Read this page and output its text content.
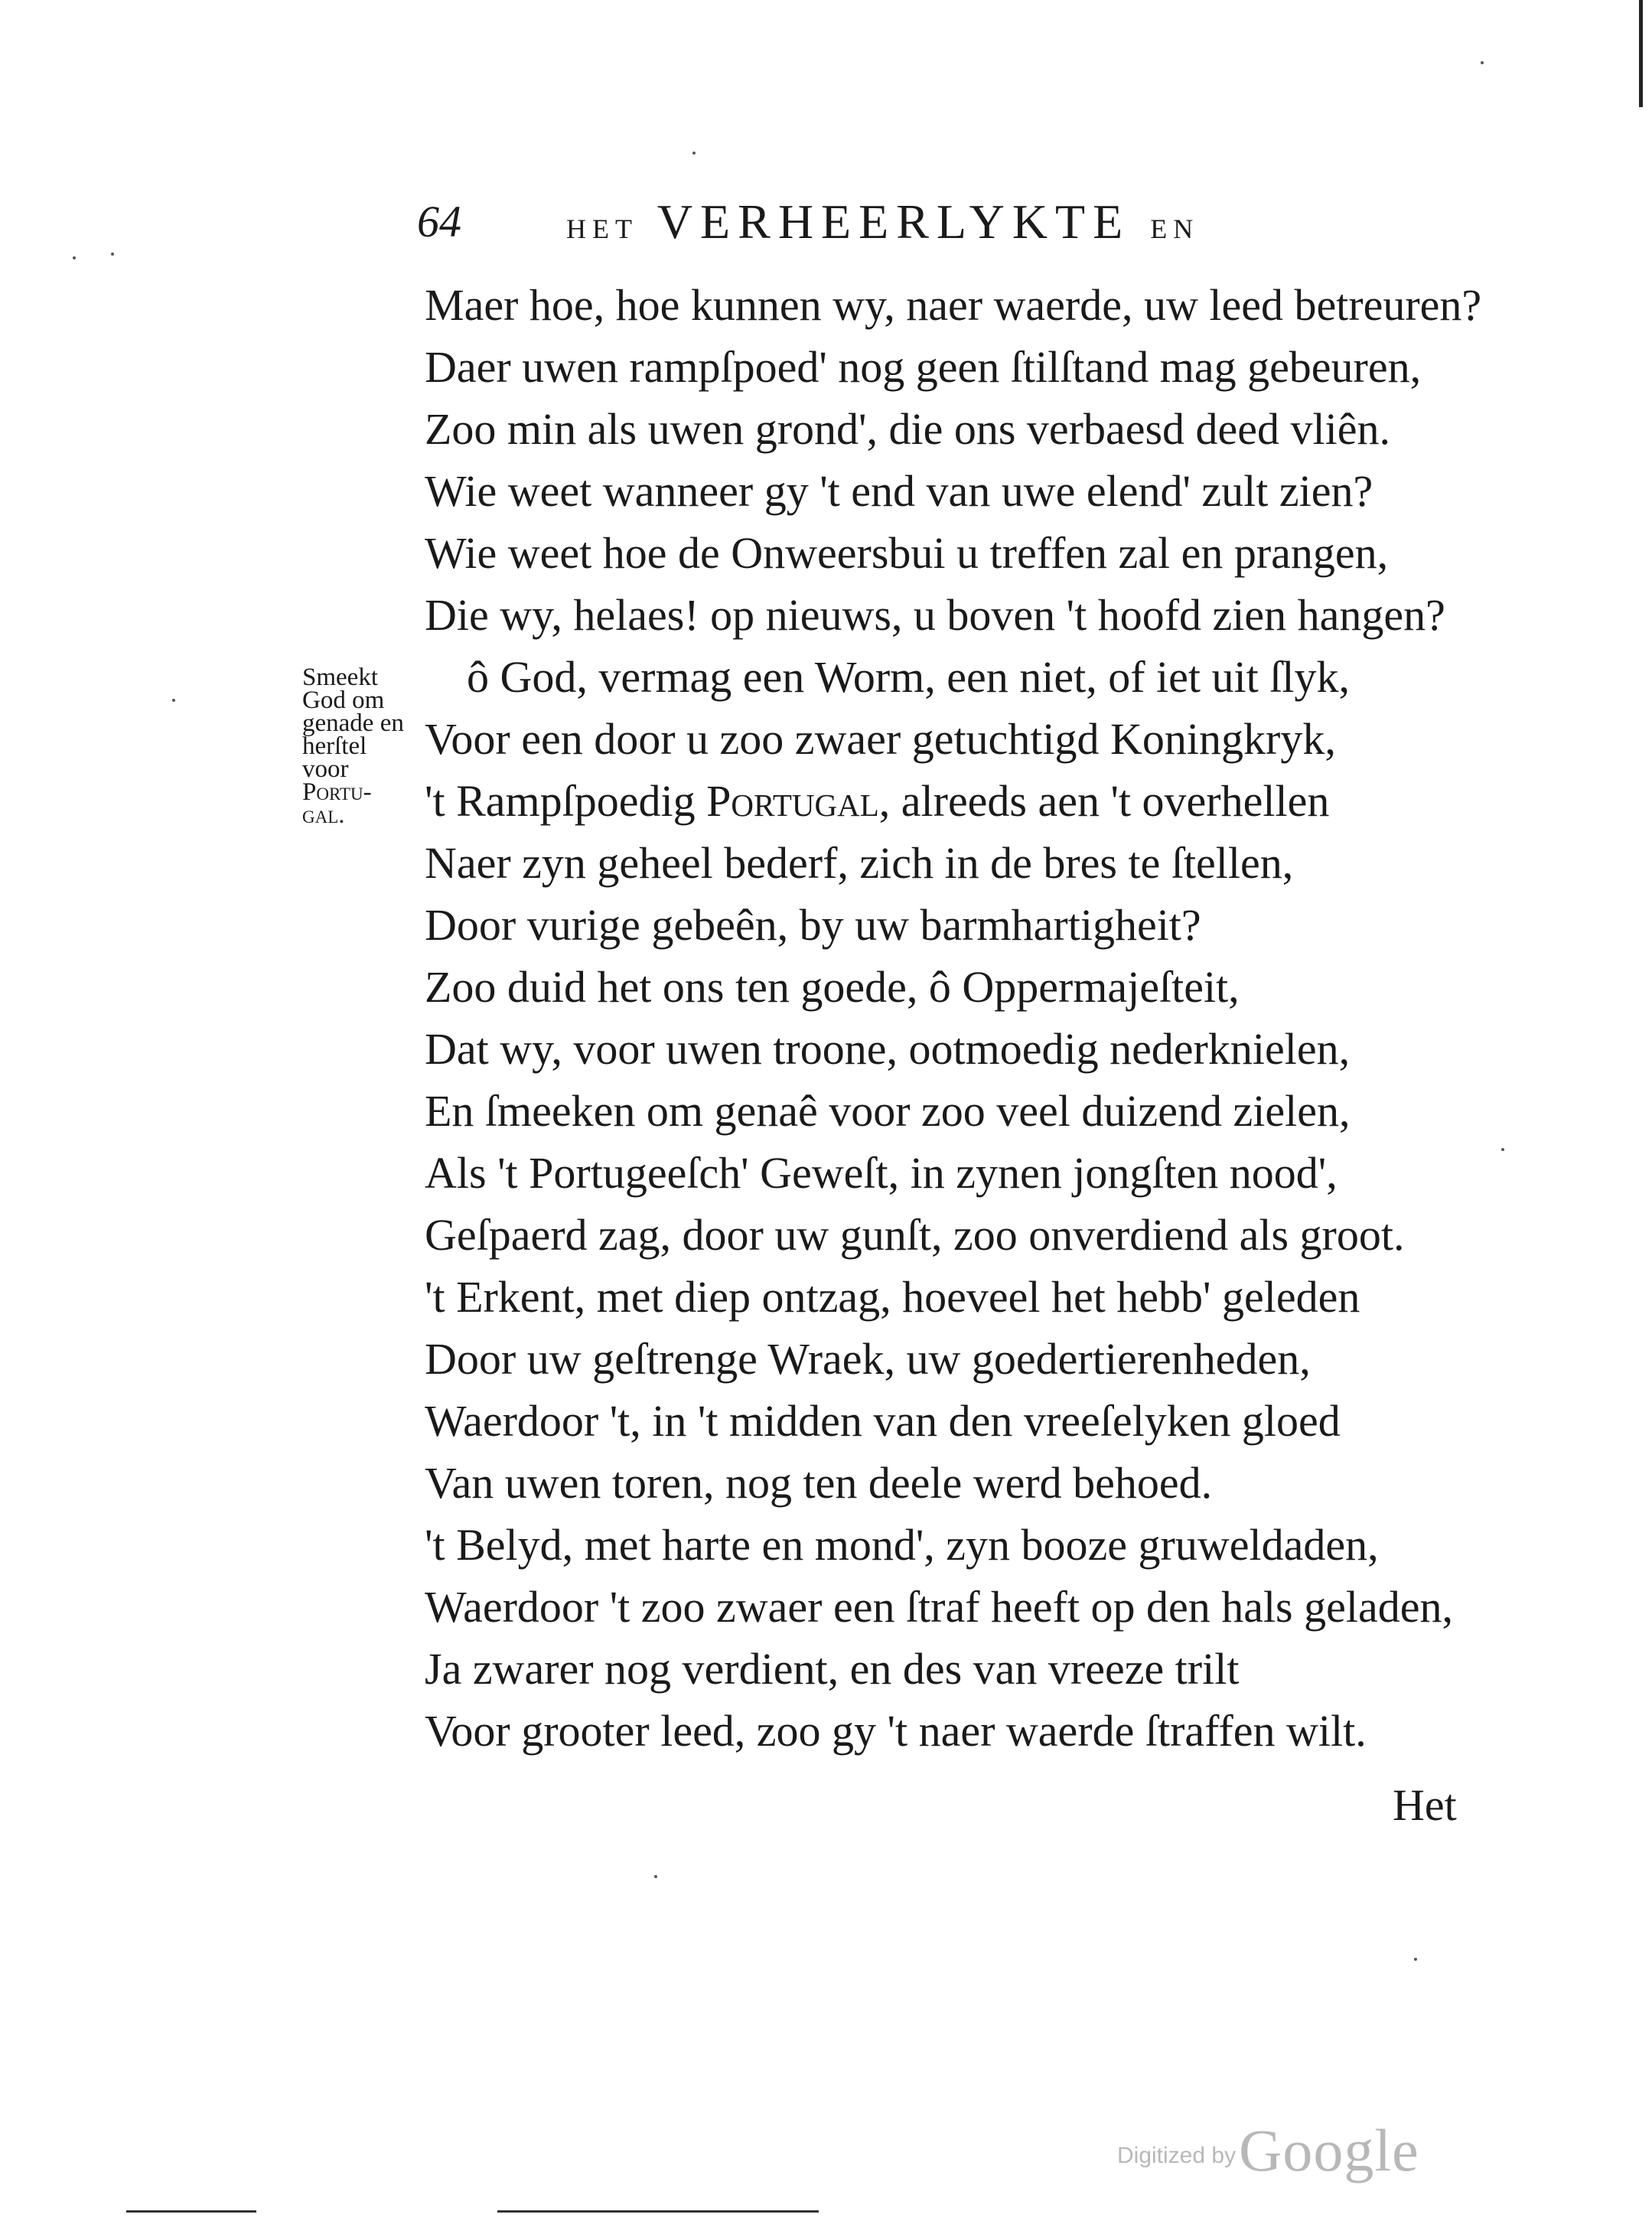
64	HET VERHEERLYKTE EN
Smeekt
God om
genade en
herſtel
voor
Portu-
gal.
Maer hoe, hoe kunnen wy, naer waerde, uw leed betreuren?
Daer uwen rampſpoed' nog geen ſtilſtand mag gebeuren,
Zoo min als uwen grond', die ons verbaesd deed vliên.
Wie weet wanneer gy 't end van uwe elend' zult zien?
Wie weet hoe de Onweersbui u treffen zal en prangen,
Die wy, helaes! op nieuws, u boven 't hoofd zien hangen?
ô God, vermag een Worm, een niet, of iet uit ſlyk,
Voor een door u zoo zwaer getuchtigd Koningkryk,
't Rampſpoedig Portugal, alreeds aen 't overhellen
Naer zyn geheel bederf, zich in de bres te ſtellen,
Door vurige gebeên, by uw barmhartigheit?
Zoo duid het ons ten goede, ô Oppermajeſteit,
Dat wy, voor uwen troone, ootmoedig nederknielen,
En ſmeeken om genaê voor zoo veel duizend zielen,
Als 't Portugeeſch' Geweſt, in zynen jongſten nood',
Geſpaerd zag, door uw gunſt, zoo onverdiend als groot.
't Erkent, met diep ontzag, hoeveel het hebb' geleden
Door uw geſtrenge Wraek, uw goedertierenheden,
Waerdoor 't, in 't midden van den vreeſelyken gloed
Van uwen toren, nog ten deele werd behoed.
't Belyd, met harte en mond', zyn booze gruweldaden,
Waerdoor 't zoo zwaer een ſtraf heeft op den hals geladen,
Ja zwarer nog verdient, en des van vreeze trilt
Voor grooter leed, zoo gy 't naer waerde ſtraffen wilt.
Het
Digitized by Google
